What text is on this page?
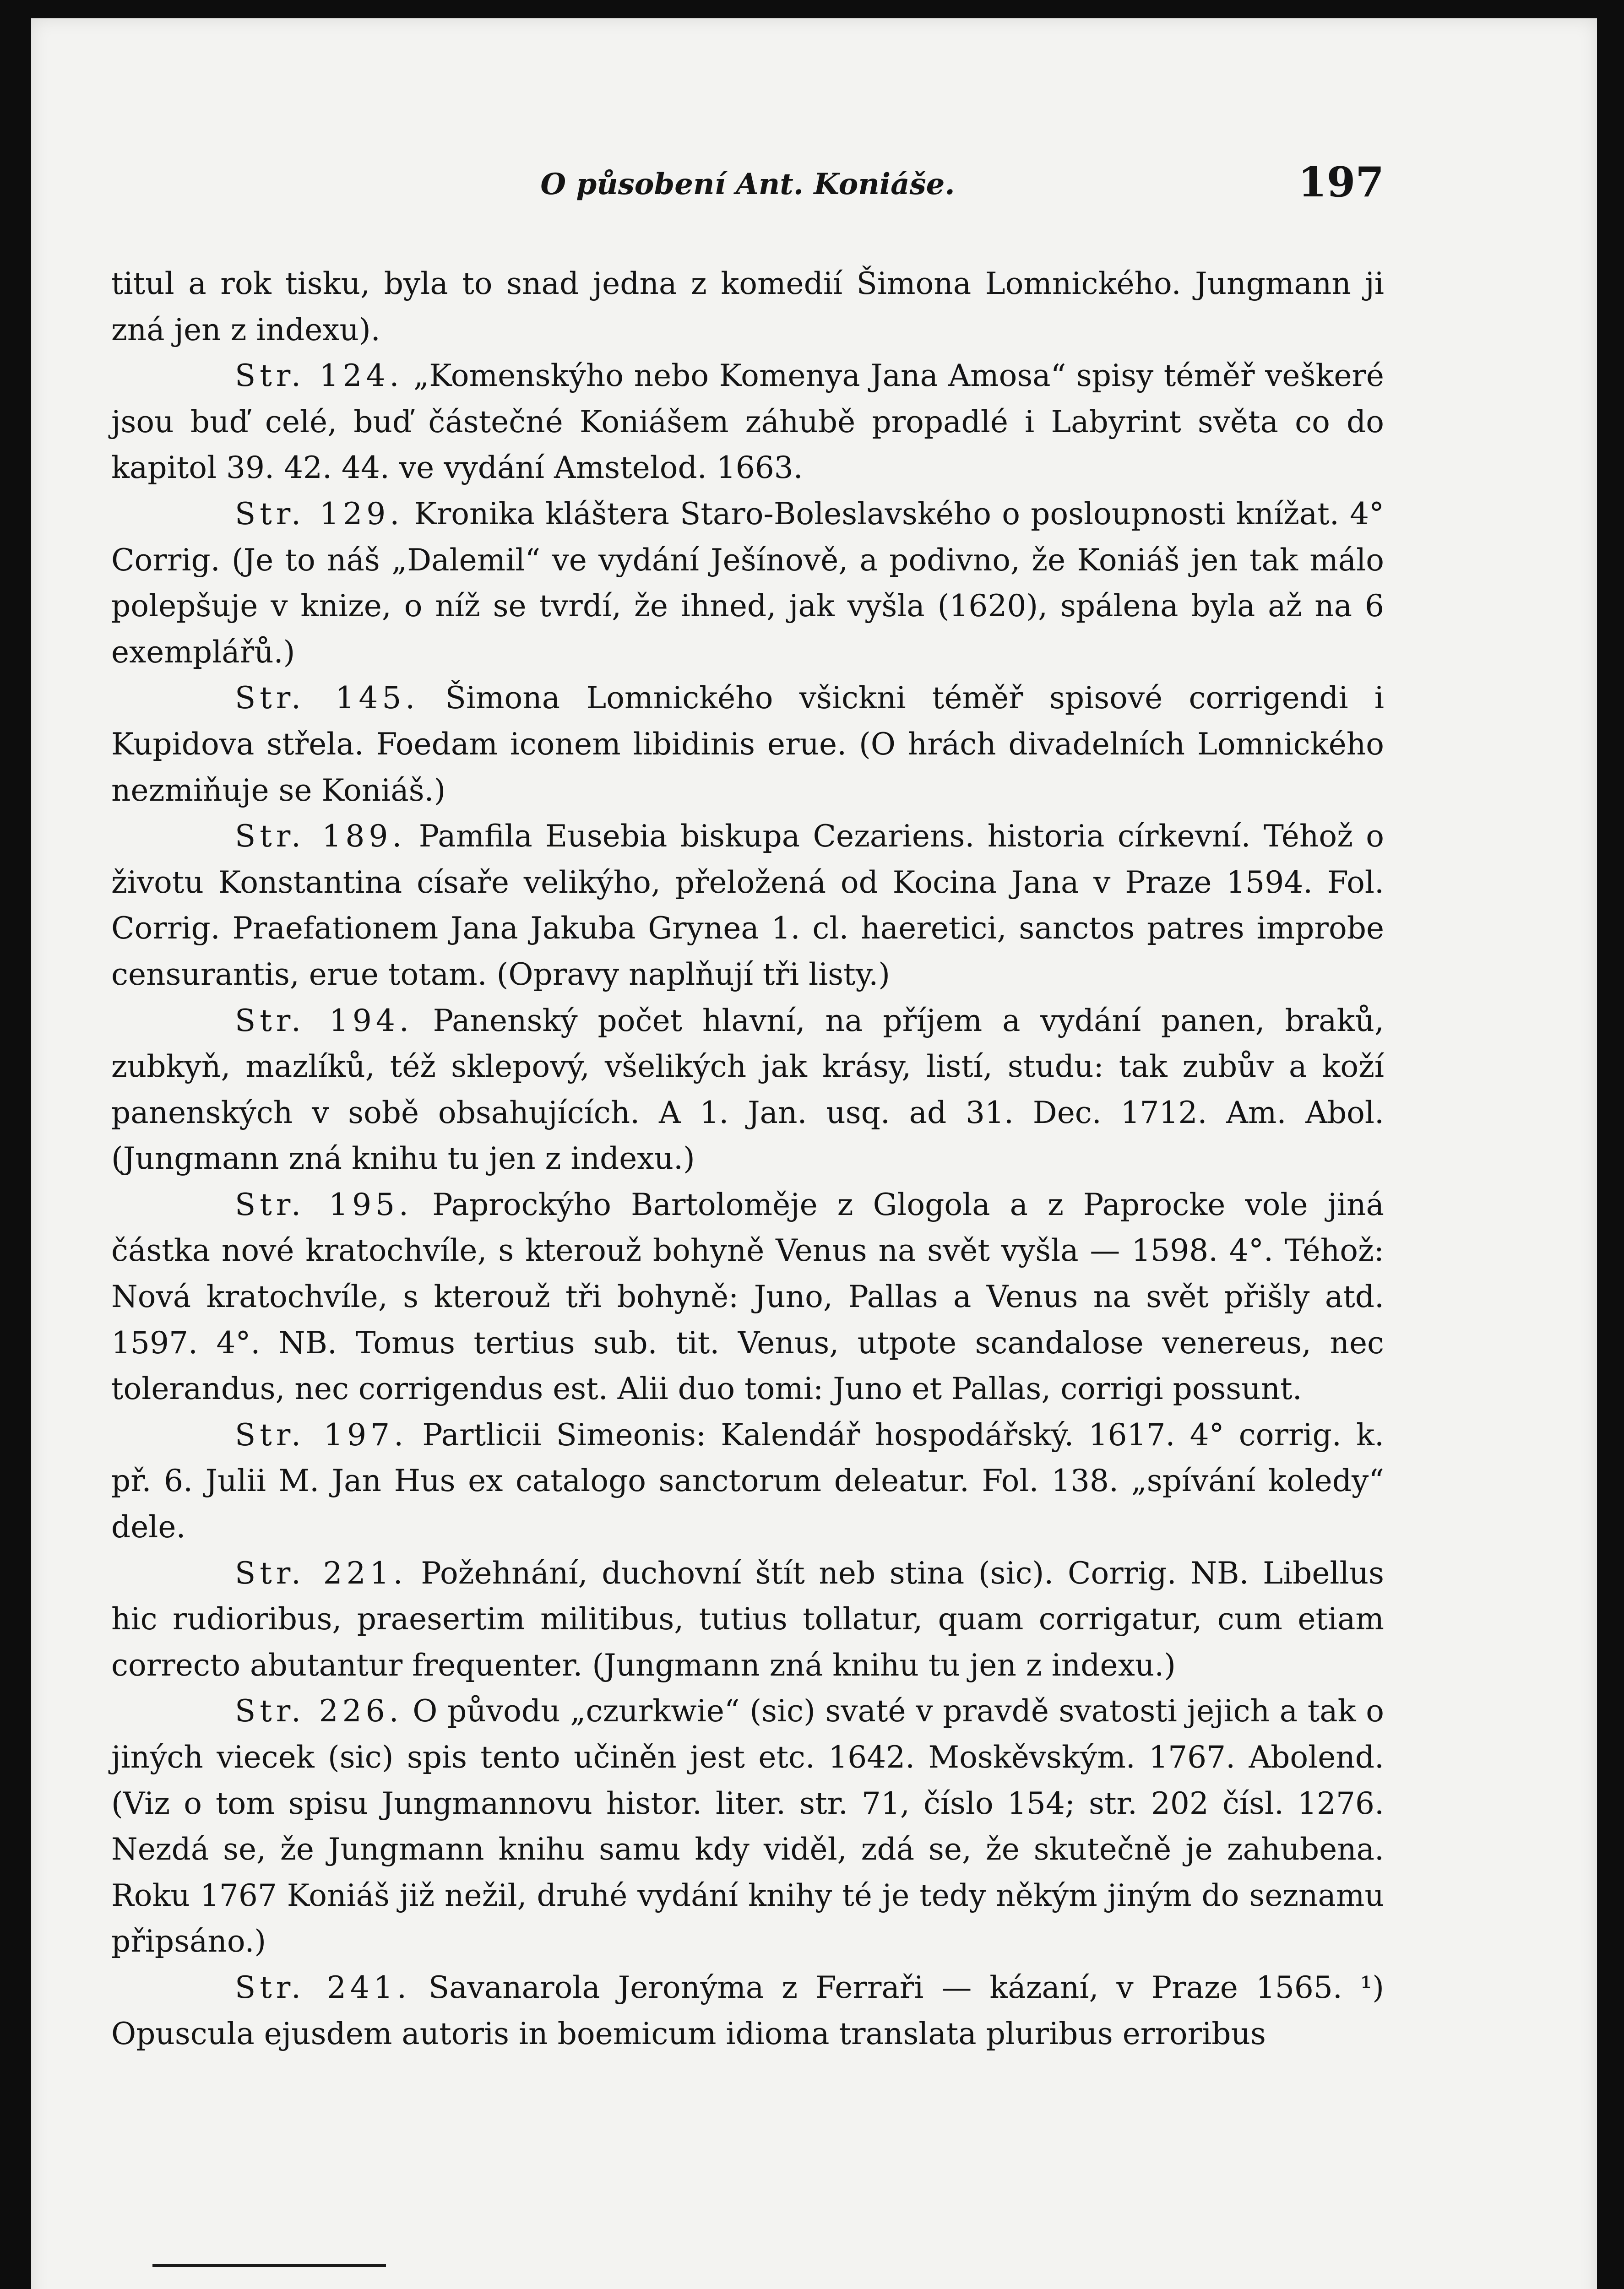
O působení Ant. Koniáše.	197

titul a rok tisku, byla to snad jedna z komedií Šimona Lomnického. Jungmann ji zná jen z indexu).

Str. 124. „Komenskýho nebo Komenya Jana Amosa“ spisy téměř veškeré jsou buď celé, buď částečné Koniášem záhubě propadlé i Labyrint světa co do kapitol 39. 42. 44. ve vydání Amstelod. 1663.

Str. 129. Kronika kláštera Staro-Boleslavského o posloupnosti knížat. 4° Corrig. (Je to náš „Dalemil“ ve vydání Ješínově, a podivno, že Koniáš jen tak málo polepšuje v knize, o níž se tvrdí, že ihned, jak vyšla (1620), spálena byla až na 6 exemplářů.)

Str. 145. Šimona Lomnického všickni téměř spisové corrigendi i Kupidova střela. Foedam iconem libidinis erue. (O hrách divadelních Lomnického nezmiňuje se Koniáš.)

Str. 189. Pamfila Eusebia biskupa Cezariens. historia církevní. Téhož o životu Konstantina císaře velikýho, přeložená od Kocina Jana v Praze 1594. Fol. Corrig. Praefationem Jana Jakuba Grynea 1. cl. haeretici, sanctos patres improbe censurantis, erue totam. (Opravy naplňují tři listy.)

Str. 194. Panenský počet hlavní, na příjem a vydání panen, braků, zubkyň, mazlíků, též sklepový, všelikých jak krásy, listí, studu: tak zubův a koží panenských v sobě obsahujících. A 1. Jan. usq. ad 31. Dec. 1712. Am. Abol. (Jungmann zná knihu tu jen z indexu.)

Str. 195. Paprockýho Bartoloměje z Glogola a z Paprocke vole jiná částka nové kratochvíle, s kterouž bohyně Venus na svět vyšla — 1598. 4°. Téhož: Nová kratochvíle, s kterouž tři bohyně: Juno, Pallas a Venus na svět přišly atd. 1597. 4°. NB. Tomus tertius sub. tit. Venus, utpote scandalose venereus, nec tolerandus, nec corrigendus est. Alii duo tomi: Juno et Pallas, corrigi possunt.

Str. 197. Partlicii Simeonis: Kalendář hospodářský. 1617. 4° corrig. k. př. 6. Julii M. Jan Hus ex catalogo sanctorum deleatur. Fol. 138. „spívání koledy“ dele.

Str. 221. Požehnání, duchovní štít neb stina (sic). Corrig. NB. Libellus hic rudioribus, praesertim militibus, tutius tollatur, quam corrigatur, cum etiam correcto abutantur frequenter. (Jungmann zná knihu tu jen z indexu.)

Str. 226. O původu „czurkwie“ (sic) svaté v pravdě svatosti jejich a tak o jiných viecek (sic) spis tento učiněn jest etc. 1642. Moskěvským. 1767. Abolend. (Viz o tom spisu Jungmannovu histor. liter. str. 71, číslo 154; str. 202 čísl. 1276. Nezdá se, že Jungmann knihu samu kdy viděl, zdá se, že skutečně je zahubena. Roku 1767 Koniáš již nežil, druhé vydání knihy té je tedy někým jiným do seznamu připsáno.)

Str. 241. Savanarola Jeronýma z Ferraři — kázaní, v Praze 1565. ¹) Opuscula ejusdem autoris in boemicum idioma translata pluribus erroribus
